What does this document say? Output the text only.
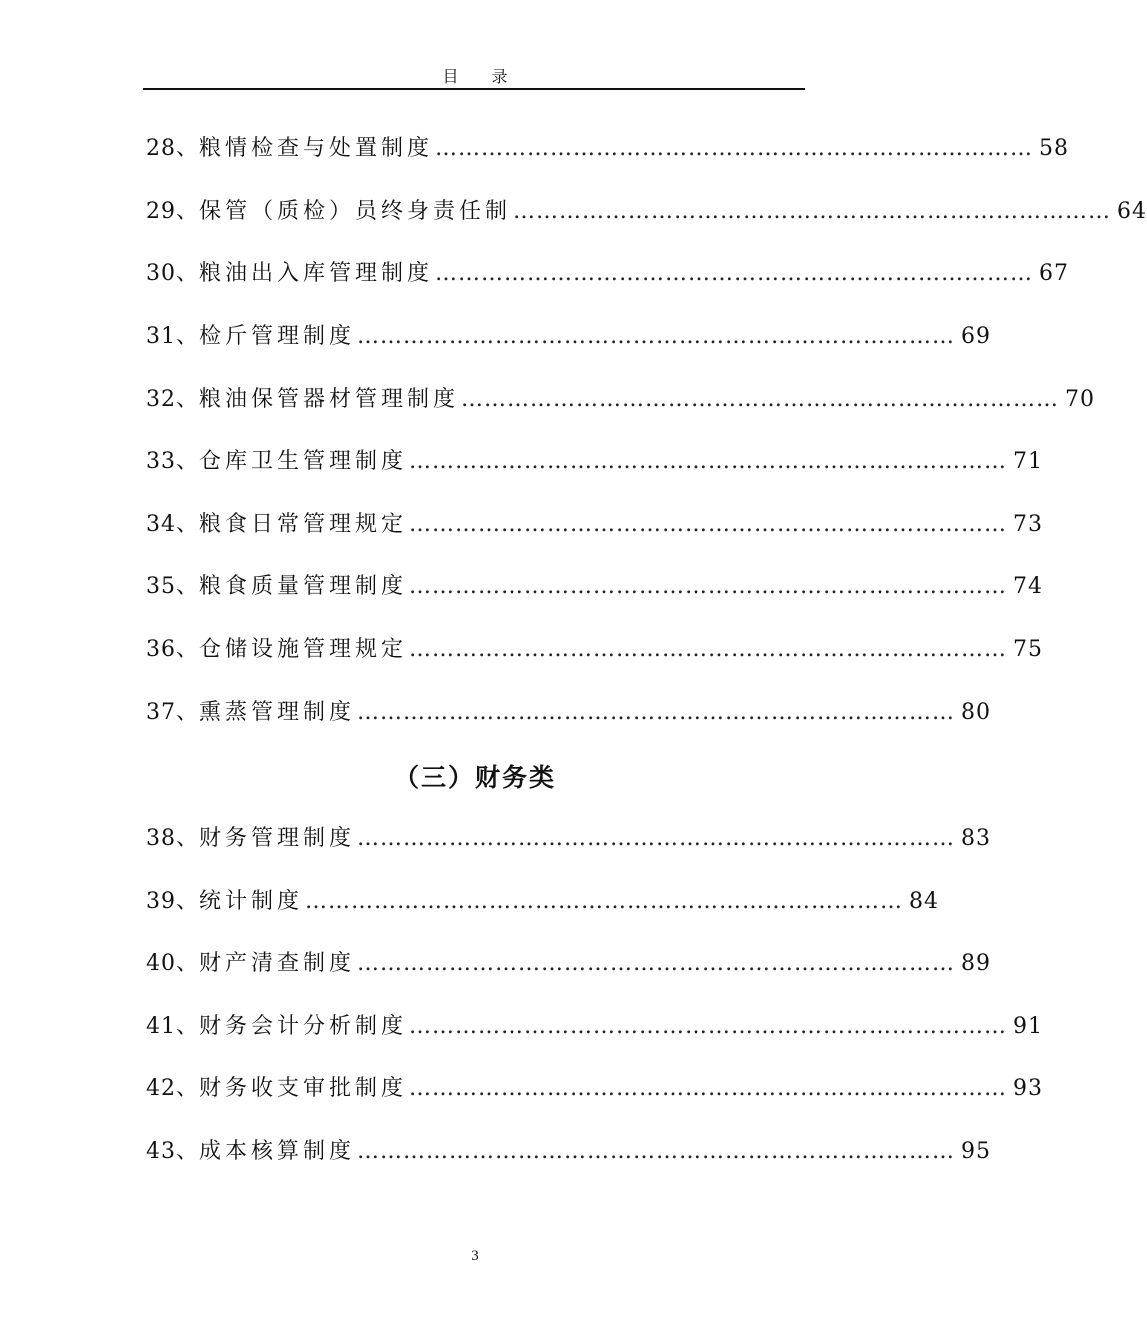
目 录
28、 粮情检查与处置制度 …………………………………………………………………… 58
29、 保管（质检）员终身责任制 …………………………………………………………………… 64
30、 粮油出入库管理制度 …………………………………………………………………… 67
31、 检斤管理制度 …………………………………………………………………… 69
32、 粮油保管器材管理制度 …………………………………………………………………… 70
33、 仓库卫生管理制度 …………………………………………………………………… 71
34、 粮食日常管理规定 …………………………………………………………………… 73
35、 粮食质量管理制度 …………………………………………………………………… 74
36、 仓储设施管理规定 …………………………………………………………………… 75
37、 熏蒸管理制度 …………………………………………………………………… 80
（三）财务类
38、 财务管理制度 …………………………………………………………………… 83
39、 统计制度 …………………………………………………………………… 84
40、 财产清查制度 …………………………………………………………………… 89
41、 财务会计分析制度 …………………………………………………………………… 91
42、 财务收支审批制度 …………………………………………………………………… 93
43、 成本核算制度 …………………………………………………………………… 95
3
